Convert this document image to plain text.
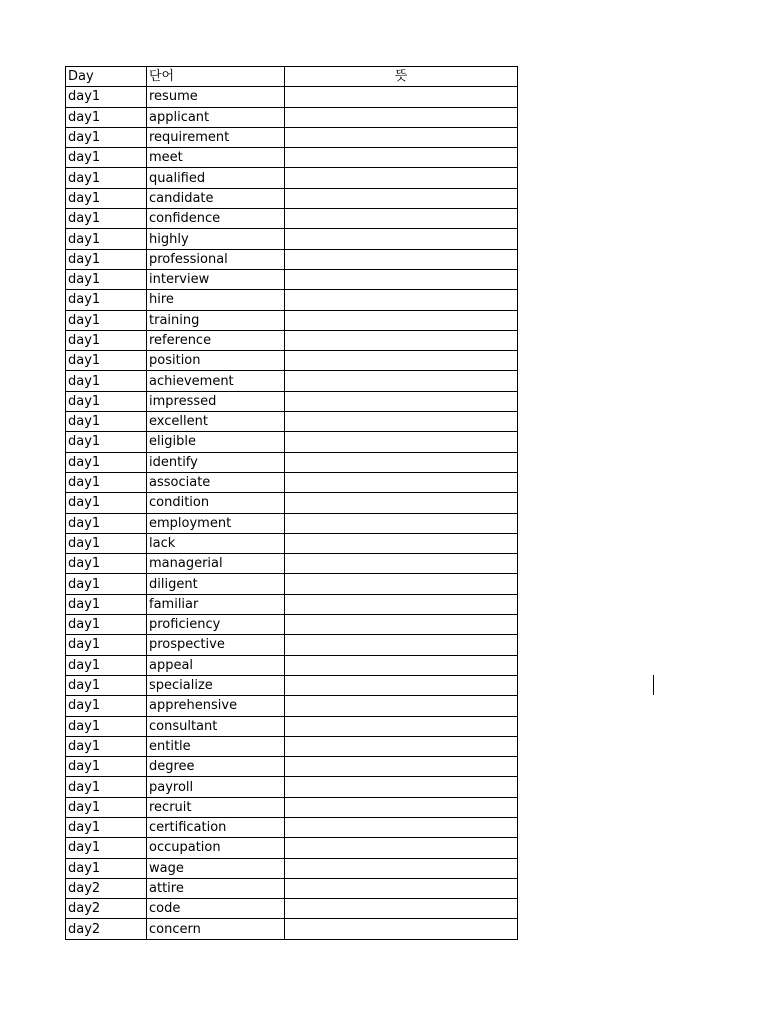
Day	단어	뜻
day1	resume	
day1	applicant	
day1	requirement	
day1	meet	
day1	qualified	
day1	candidate	
day1	confidence	
day1	highly	
day1	professional	
day1	interview	
day1	hire	
day1	training	
day1	reference	
day1	position	
day1	achievement	
day1	impressed	
day1	excellent	
day1	eligible	
day1	identify	
day1	associate	
day1	condition	
day1	employment	
day1	lack	
day1	managerial	
day1	diligent	
day1	familiar	
day1	proficiency	
day1	prospective	
day1	appeal	
day1	specialize	
day1	apprehensive	
day1	consultant	
day1	entitle	
day1	degree	
day1	payroll	
day1	recruit	
day1	certification	
day1	occupation	
day1	wage	
day2	attire	
day2	code	
day2	concern	
